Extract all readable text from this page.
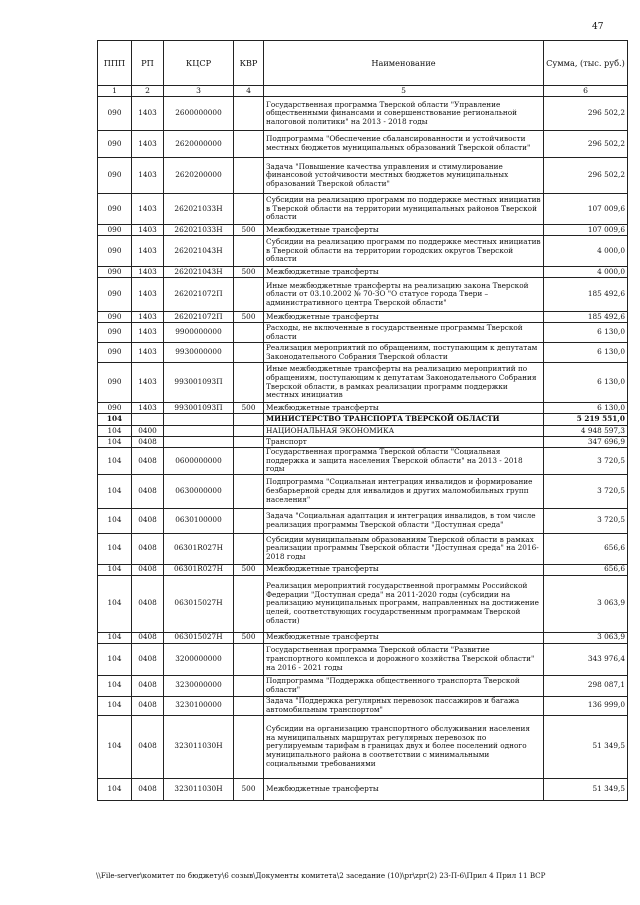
47
ППП	РП	КЦСР	КВР	Наименование	Сумма, (тыс. руб.)
1	2	3	4	5	6
090	1403	2600000000		Государственная программа Тверской области "Управление общественными финансами и совершенствование региональной налоговой политики" на 2013 - 2018 годы	296 502,2
090	1403	2620000000		Подпрограмма "Обеспечение сбалансированности и устойчивости местных бюджетов муниципальных образований Тверской области"	296 502,2
090	1403	2620200000		Задача "Повышение качества управления и стимулирование финансовой устойчивости местных бюджетов муниципальных образований Тверской области"	296 502,2
090	1403	262021033Н		Субсидии на реализацию программ по поддержке местных инициатив в Тверской области на территории муниципальных районов Тверской области	107 009,6
090	1403	262021033Н	500	Межбюджетные трансферты	107 009,6
090	1403	262021043Н		Субсидии на реализацию программ по поддержке местных инициатив в Тверской области на территории городских округов Тверской области	4 000,0
090	1403	262021043Н	500	Межбюджетные трансферты	4 000,0
090	1403	262021072П		Иные межбюджетные трансферты на реализацию закона Тверской области от 03.10.2002 № 70-ЗО "О статусе города Твери – административного центра Тверской области"	185 492,6
090	1403	262021072П	500	Межбюджетные трансферты	185 492,6
090	1403	9900000000		Расходы, не включенные в государственные программы Тверской области	6 130,0
090	1403	9930000000		Реализация мероприятий по обращениям, поступающим к депутатам Законодательного Собрания Тверской области	6 130,0
090	1403	993001093П		Иные межбюджетные трансферты на реализацию мероприятий по обращениям, поступающим к депутатам Законодательного Собрания Тверской области, в рамках реализации программ поддержки местных инициатив	6 130,0
090	1403	993001093П	500	Межбюджетные трансферты	6 130,0
104				МИНИСТЕРСТВО ТРАНСПОРТА ТВЕРСКОЙ ОБЛАСТИ	5 219 551,0
104	0400			НАЦИОНАЛЬНАЯ ЭКОНОМИКА	4 948 597,3
104	0408			Транспорт	347 696,9
104	0408	0600000000		Государственная программа Тверской области "Социальная поддержка и защита населения Тверской области" на 2013 - 2018 годы	3 720,5
104	0408	0630000000		Подпрограмма "Социальная интеграция инвалидов и формирование безбарьерной среды для инвалидов и других маломобильных групп населения"	3 720,5
104	0408	0630100000		Задача "Социальная адаптация и интеграция инвалидов, в том числе реализация программы Тверской области "Доступная среда"	3 720,5
104	0408	06301R027Н		Субсидии муниципальным образованиям Тверской области в рамках реализации программы Тверской области "Доступная среда" на 2016-2018 годы	656,6
104	0408	06301R027Н	500	Межбюджетные трансферты	656,6
104	0408	063015027Н		Реализация мероприятий государственной программы Российской Федерации "Доступная среда" на 2011-2020 годы (субсидии на реализацию муниципальных программ, направленных на достижение целей, соответствующих государственным программам Тверской области)	3 063,9
104	0408	063015027Н	500	Межбюджетные трансферты	3 063,9
104	0408	3200000000		Государственная программа Тверской области "Развитие транспортного комплекса и дорожного хозяйства Тверской области" на 2016 - 2021 годы	343 976,4
104	0408	3230000000		Подпрограмма "Поддержка общественного транспорта Тверской области"	298 087,1
104	0408	3230100000		Задача "Поддержка регулярных перевозок пассажиров и багажа автомобильным транспортом"	136 999,0
104	0408	323011030Н		Субсидии на организацию транспортного обслуживания населения на муниципальных маршрутах регулярных перевозок по регулируемым тарифам в границах двух и более поселений одного муниципального района в соответствии с минимальными социальными требованиями	51 349,5
104	0408	323011030Н	500	Межбюджетные трансферты	51 349,5
\\File-server\комитет по бюджету\6 созыв\Документы комитета\2 заседание (10)\pr\zpr(2) 23-П-6\Прил 4 Прил 11 ВСР
